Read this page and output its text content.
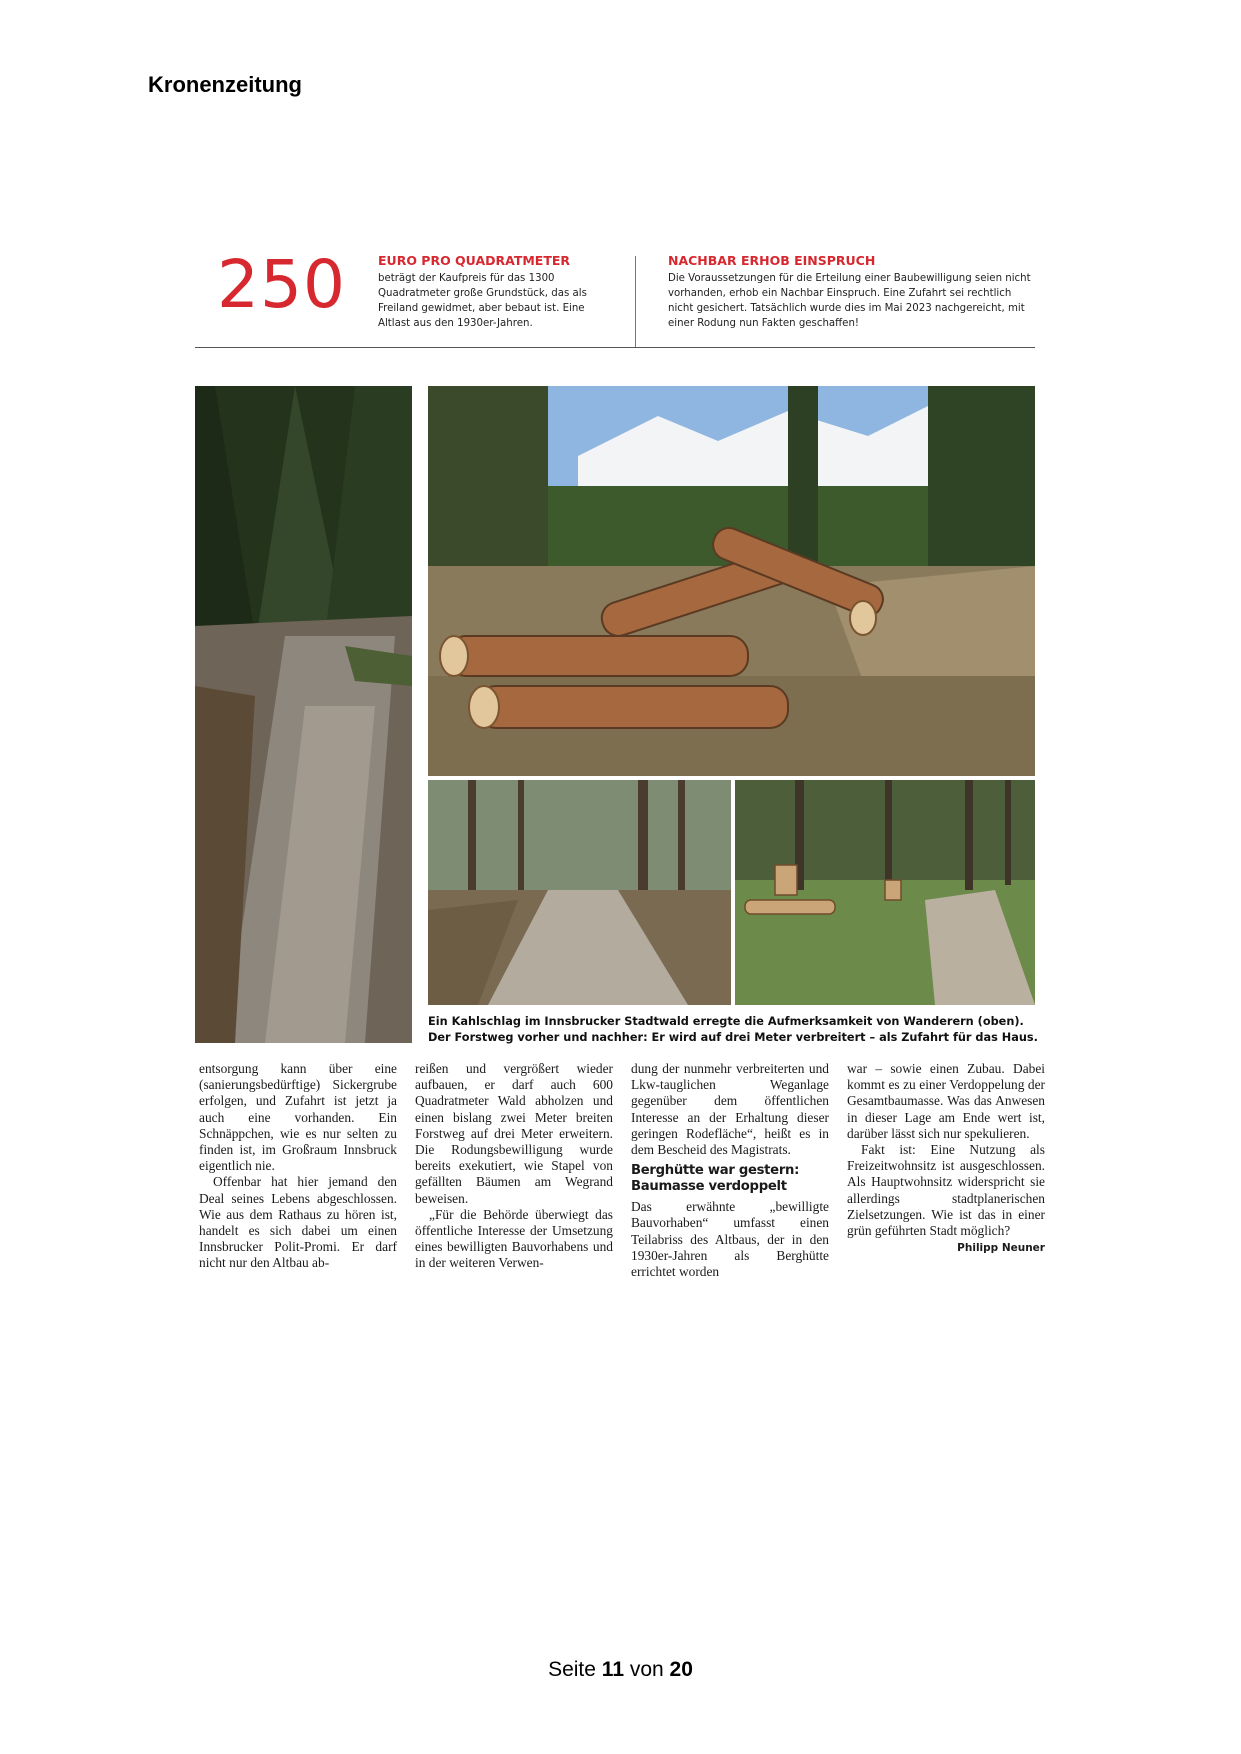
Kronenzeitung
250	EURO PRO QUADRATMETER
beträgt der Kaufpreis für das 1300 Quadratmeter große Grundstück, das als Freiland gewidmet, aber bebaut ist. Eine Altlast aus den 1930er-Jahren.
NACHBAR ERHOB EINSPRUCH
Die Voraussetzungen für die Erteilung einer Baubewilligung seien nicht vorhanden, erhob ein Nachbar Einspruch. Eine Zufahrt sei rechtlich nicht gesichert. Tatsächlich wurde dies im Mai 2023 nachgereicht, mit einer Rodung nun Fakten geschaffen!
Ein Kahlschlag im Innsbrucker Stadtwald erregte die Aufmerksamkeit von Wanderern (oben).
Der Forstweg vorher und nachher: Er wird auf drei Meter verbreitert – als Zufahrt für das Haus.

entsorgung kann über eine (sanierungsbedürftige) Sickergrube erfolgen, und Zufahrt ist jetzt ja auch eine vorhanden. Ein Schnäppchen, wie es nur selten zu finden ist, im Großraum Innsbruck eigentlich nie.

Offenbar hat hier jemand den Deal seines Lebens abgeschlossen. Wie aus dem Rathaus zu hören ist, handelt es sich dabei um einen Innsbrucker Polit-Promi. Er darf nicht nur den Altbau ab-

reißen und vergrößert wieder aufbauen, er darf auch 600 Quadratmeter Wald abholzen und einen bislang zwei Meter breiten Forstweg auf drei Meter erweitern. Die Rodungsbewilligung wurde bereits exekutiert, wie Stapel von gefällten Bäumen am Wegrand beweisen.

„Für die Behörde überwiegt das öffentliche Interesse der Umsetzung eines bewilligten Bauvorhabens und in der weiteren Verwen-

dung der nunmehr verbreiterten und Lkw-tauglichen Weganlage gegenüber dem öffentlichen Interesse an der Erhaltung dieser geringen Rodefläche“, heißt es in dem Bescheid des Magistrats.

Berghütte war gestern: Baumasse verdoppelt

Das erwähnte „bewilligte Bauvorhaben“ umfasst einen Teilabriss des Altbaus, der in den 1930er-Jahren als Berghütte errichtet worden

war – sowie einen Zubau. Dabei kommt es zu einer Verdoppelung der Gesamtbaumasse. Was das Anwesen in dieser Lage am Ende wert ist, darüber lässt sich nur spekulieren.

Fakt ist: Eine Nutzung als Freizeitwohnsitz ist ausgeschlossen. Als Hauptwohnsitz widerspricht sie allerdings stadtplanerischen Zielsetzungen. Wie ist das in einer grün geführten Stadt möglich?
Philipp Neuner

Seite 11 von 20
